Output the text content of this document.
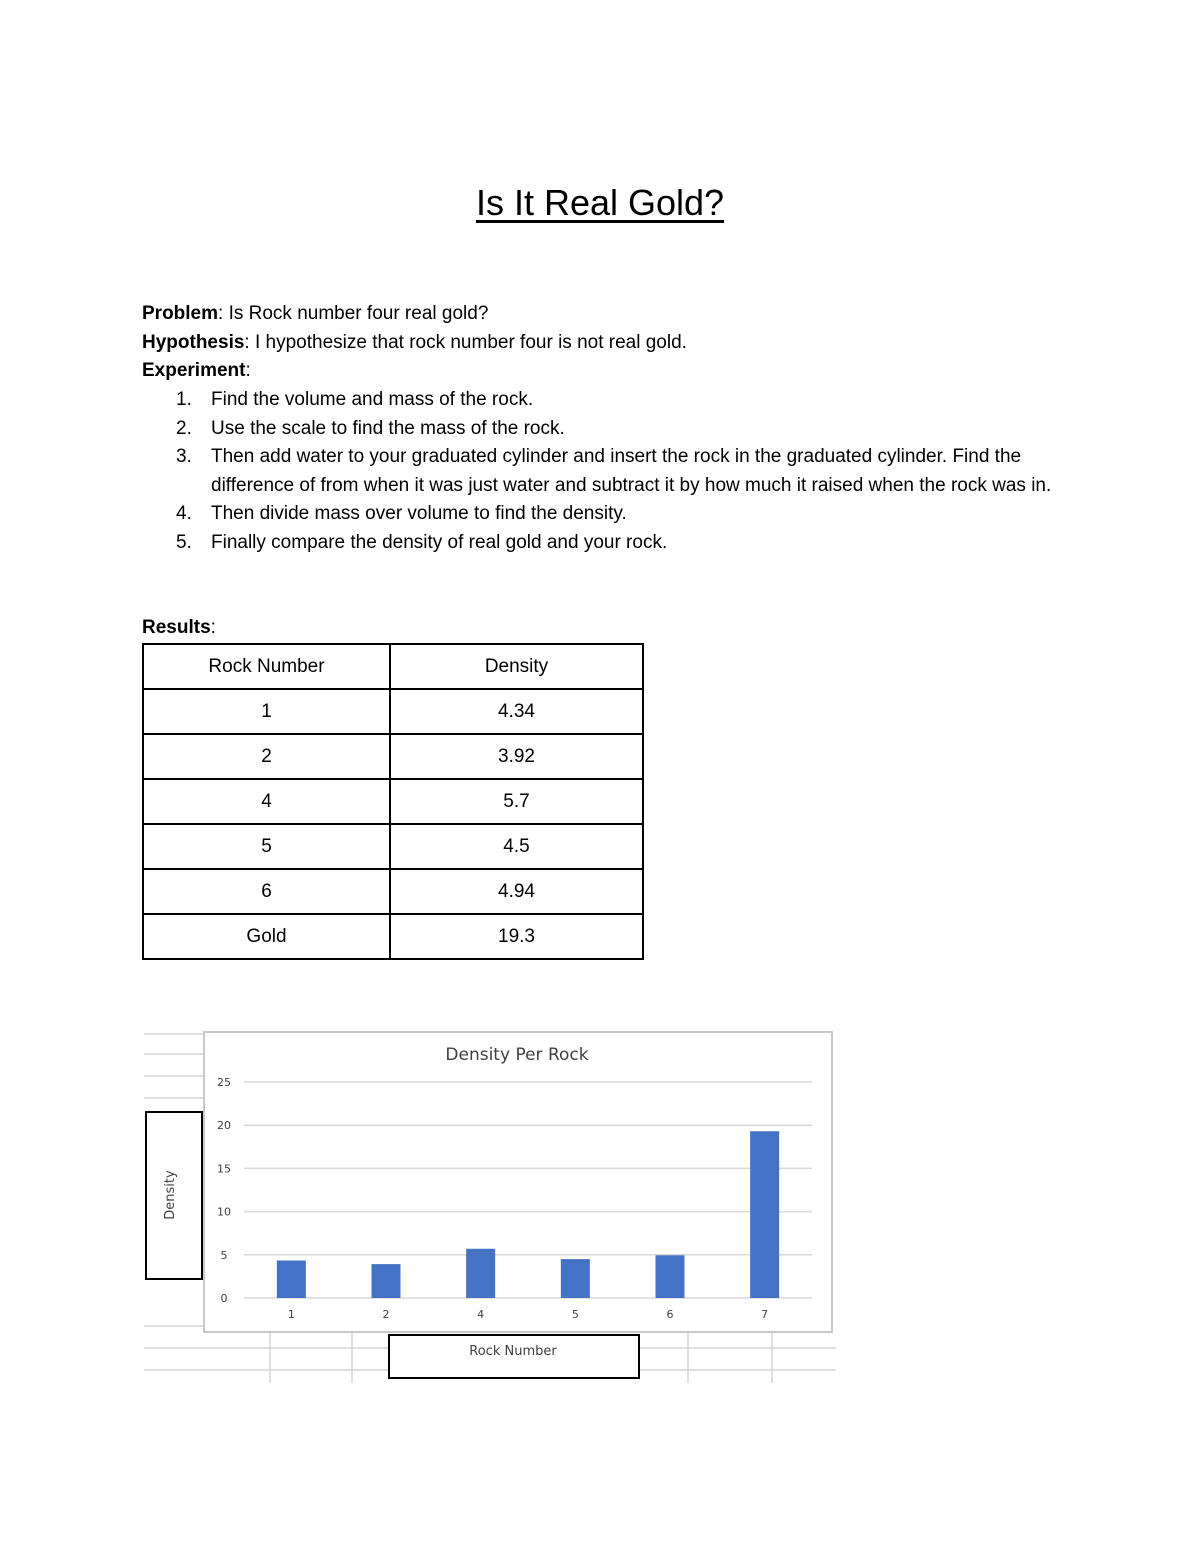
Is It Real Gold?
Problem: Is Rock number four real gold?
Hypothesis: I hypothesize that rock number four is not real gold.
Experiment:
1. Find the volume and mass of the rock.
2. Use the scale to find the mass of the rock.
3. Then add water to your graduated cylinder and insert the rock in the graduated cylinder. Find the difference of from when it was just water and subtract it by how much it raised when the rock was in.
4. Then divide mass over volume to find the density.
5. Finally compare the density of real gold and your rock.
Results:
Rock Number	Density
1	4.34
2	3.92
4	5.7
5	4.5
6	4.94
Gold	19.3
Density Per Rock
0
5
10
15
20
25
1	2	4	5	6	7
Density
Rock Number
